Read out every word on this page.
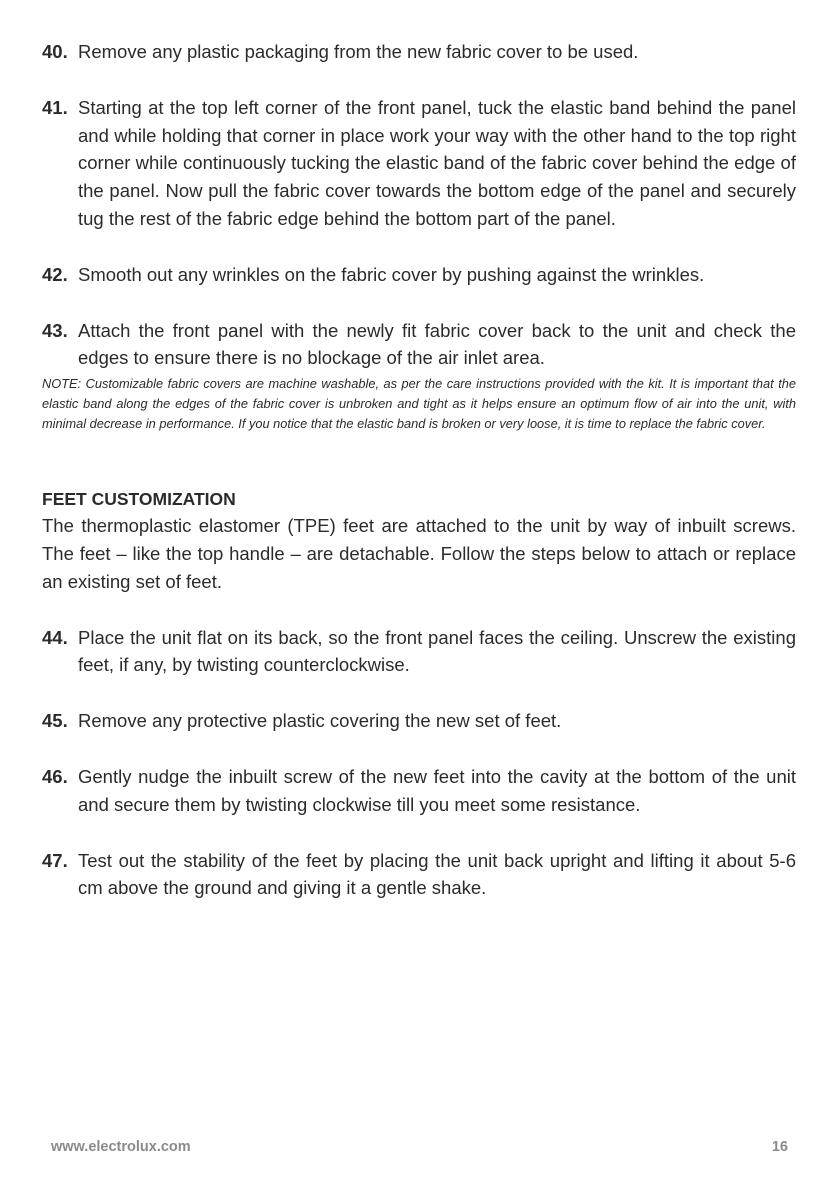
40. Remove any plastic packaging from the new fabric cover to be used.
41. Starting at the top left corner of the front panel, tuck the elastic band behind the panel and while holding that corner in place work your way with the other hand to the top right corner while continuously tucking the elastic band of the fabric cover behind the edge of the panel. Now pull the fabric cover towards the bottom edge of the panel and securely tug the rest of the fabric edge behind the bottom part of the panel.
42. Smooth out any wrinkles on the fabric cover by pushing against the wrinkles.
43. Attach the front panel with the newly fit fabric cover back to the unit and check the edges to ensure there is no blockage of the air inlet area.
NOTE: Customizable fabric covers are machine washable, as per the care instructions provided with the kit. It is important that the elastic band along the edges of the fabric cover is unbroken and tight as it helps ensure an optimum flow of air into the unit, with minimal decrease in performance. If you notice that the elastic band is broken or very loose, it is time to replace the fabric cover.
FEET CUSTOMIZATION
The thermoplastic elastomer (TPE) feet are attached to the unit by way of inbuilt screws. The feet – like the top handle – are detachable. Follow the steps below to attach or replace an existing set of feet.
44. Place the unit flat on its back, so the front panel faces the ceiling. Unscrew the existing feet, if any, by twisting counterclockwise.
45. Remove any protective plastic covering the new set of feet.
46. Gently nudge the inbuilt screw of the new feet into the cavity at the bottom of the unit and secure them by twisting clockwise till you meet some resistance.
47. Test out the stability of the feet by placing the unit back upright and lifting it about 5-6 cm above the ground and giving it a gentle shake.
www.electrolux.com	16
